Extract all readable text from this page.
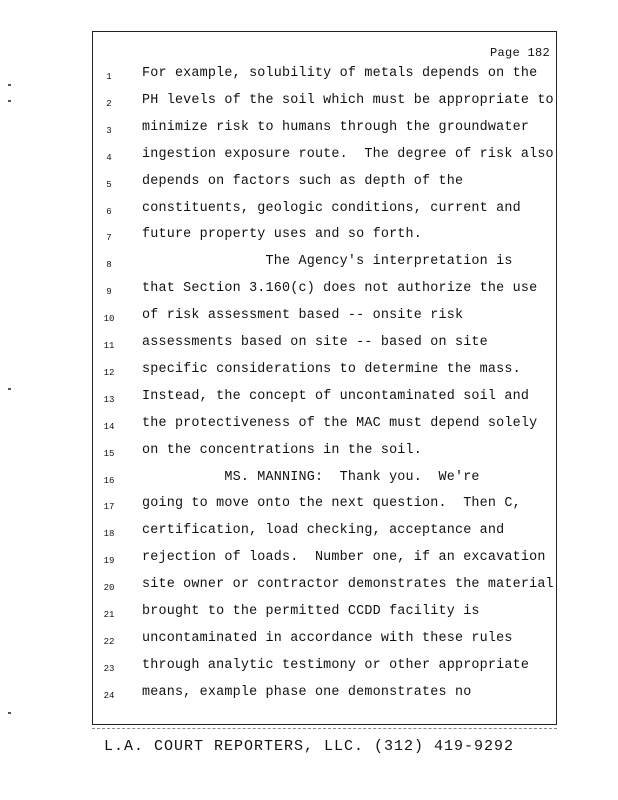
Page 182
1	For example, solubility of metals depends on the
2	PH levels of the soil which must be appropriate to
3	minimize risk to humans through the groundwater
4	ingestion exposure route.  The degree of risk also
5	depends on factors such as depth of the
6	constituents, geologic conditions, current and
7	future property uses and so forth.
8	The Agency's interpretation is
9	that Section 3.160(c) does not authorize the use
10 of risk assessment based -- onsite risk
11 assessments based on site -- based on site
12 specific considerations to determine the mass.
13 Instead, the concept of uncontaminated soil and
14 the protectiveness of the MAC must depend solely
15 on the concentrations in the soil.
16 MS. MANNING:  Thank you.  We're
17 going to move onto the next question.  Then C,
18 certification, load checking, acceptance and
19 rejection of loads.  Number one, if an excavation
20 site owner or contractor demonstrates the material
21 brought to the permitted CCDD facility is
22 uncontaminated in accordance with these rules
23 through analytic testimony or other appropriate
24 means, example phase one demonstrates no
L.A. COURT REPORTERS, LLC. (312) 419-9292
